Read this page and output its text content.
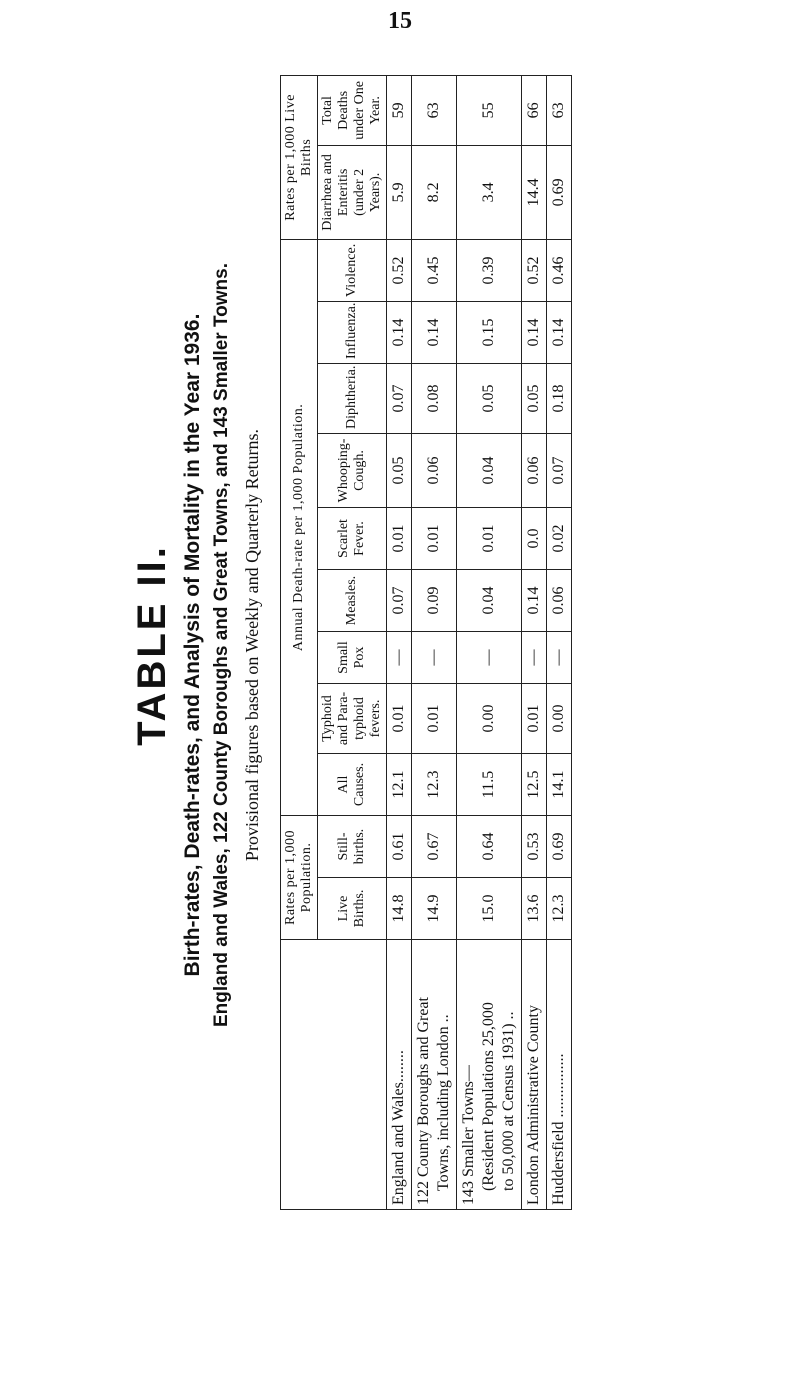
15
TABLE II. Birth-rates, Death-rates, and Analysis of Mortality in the Year 1936. England and Wales, 122 County Boroughs and Great Towns, and 143 Smaller Towns. Provisional figures based on Weekly and Quarterly Returns.
	Rates per 1,000 Population.		Annual Death-rate per 1,000 Population.									Rates per 1,000 Live Births	
	Live Births.	Still-births.	All Causes.	Typhoid and Para-typhoid fevers.	Small Pox	Measles.	Scarlet Fever.	Whooping-Cough.	Diphtheria.	Influenza.	Violence.	Diarrhœa and Enteritis (under 2 Years).	Total Deaths under One Year.

England and Wales........	14.8	0.61	12.1	0.01	—	0.07	0.01	0.05	0.07	0.14	0.52	5.9	59

122 County Boroughs and Great Towns, including London ..	14.9	0.67	12.3	0.01	—	0.09	0.01	0.06	0.08	0.14	0.45	8.2	63

143 Smaller Towns— (Resident Populations 25,000 to 50,000 at Census 1931) ..	15.0	0.64	11.5	0.00	—	0.04	0.01	0.04	0.05	0.15	0.39	3.4	55

London Administrative County	13.6	0.53	12.5	0.01	—	0.14	0.0	0.06	0.05	0.14	0.52	14.4	66

Huddersfield ................	12.3	0.69	14.1	0.00	—	0.06	0.02	0.07	0.18	0.14	0.46	0.69	63
